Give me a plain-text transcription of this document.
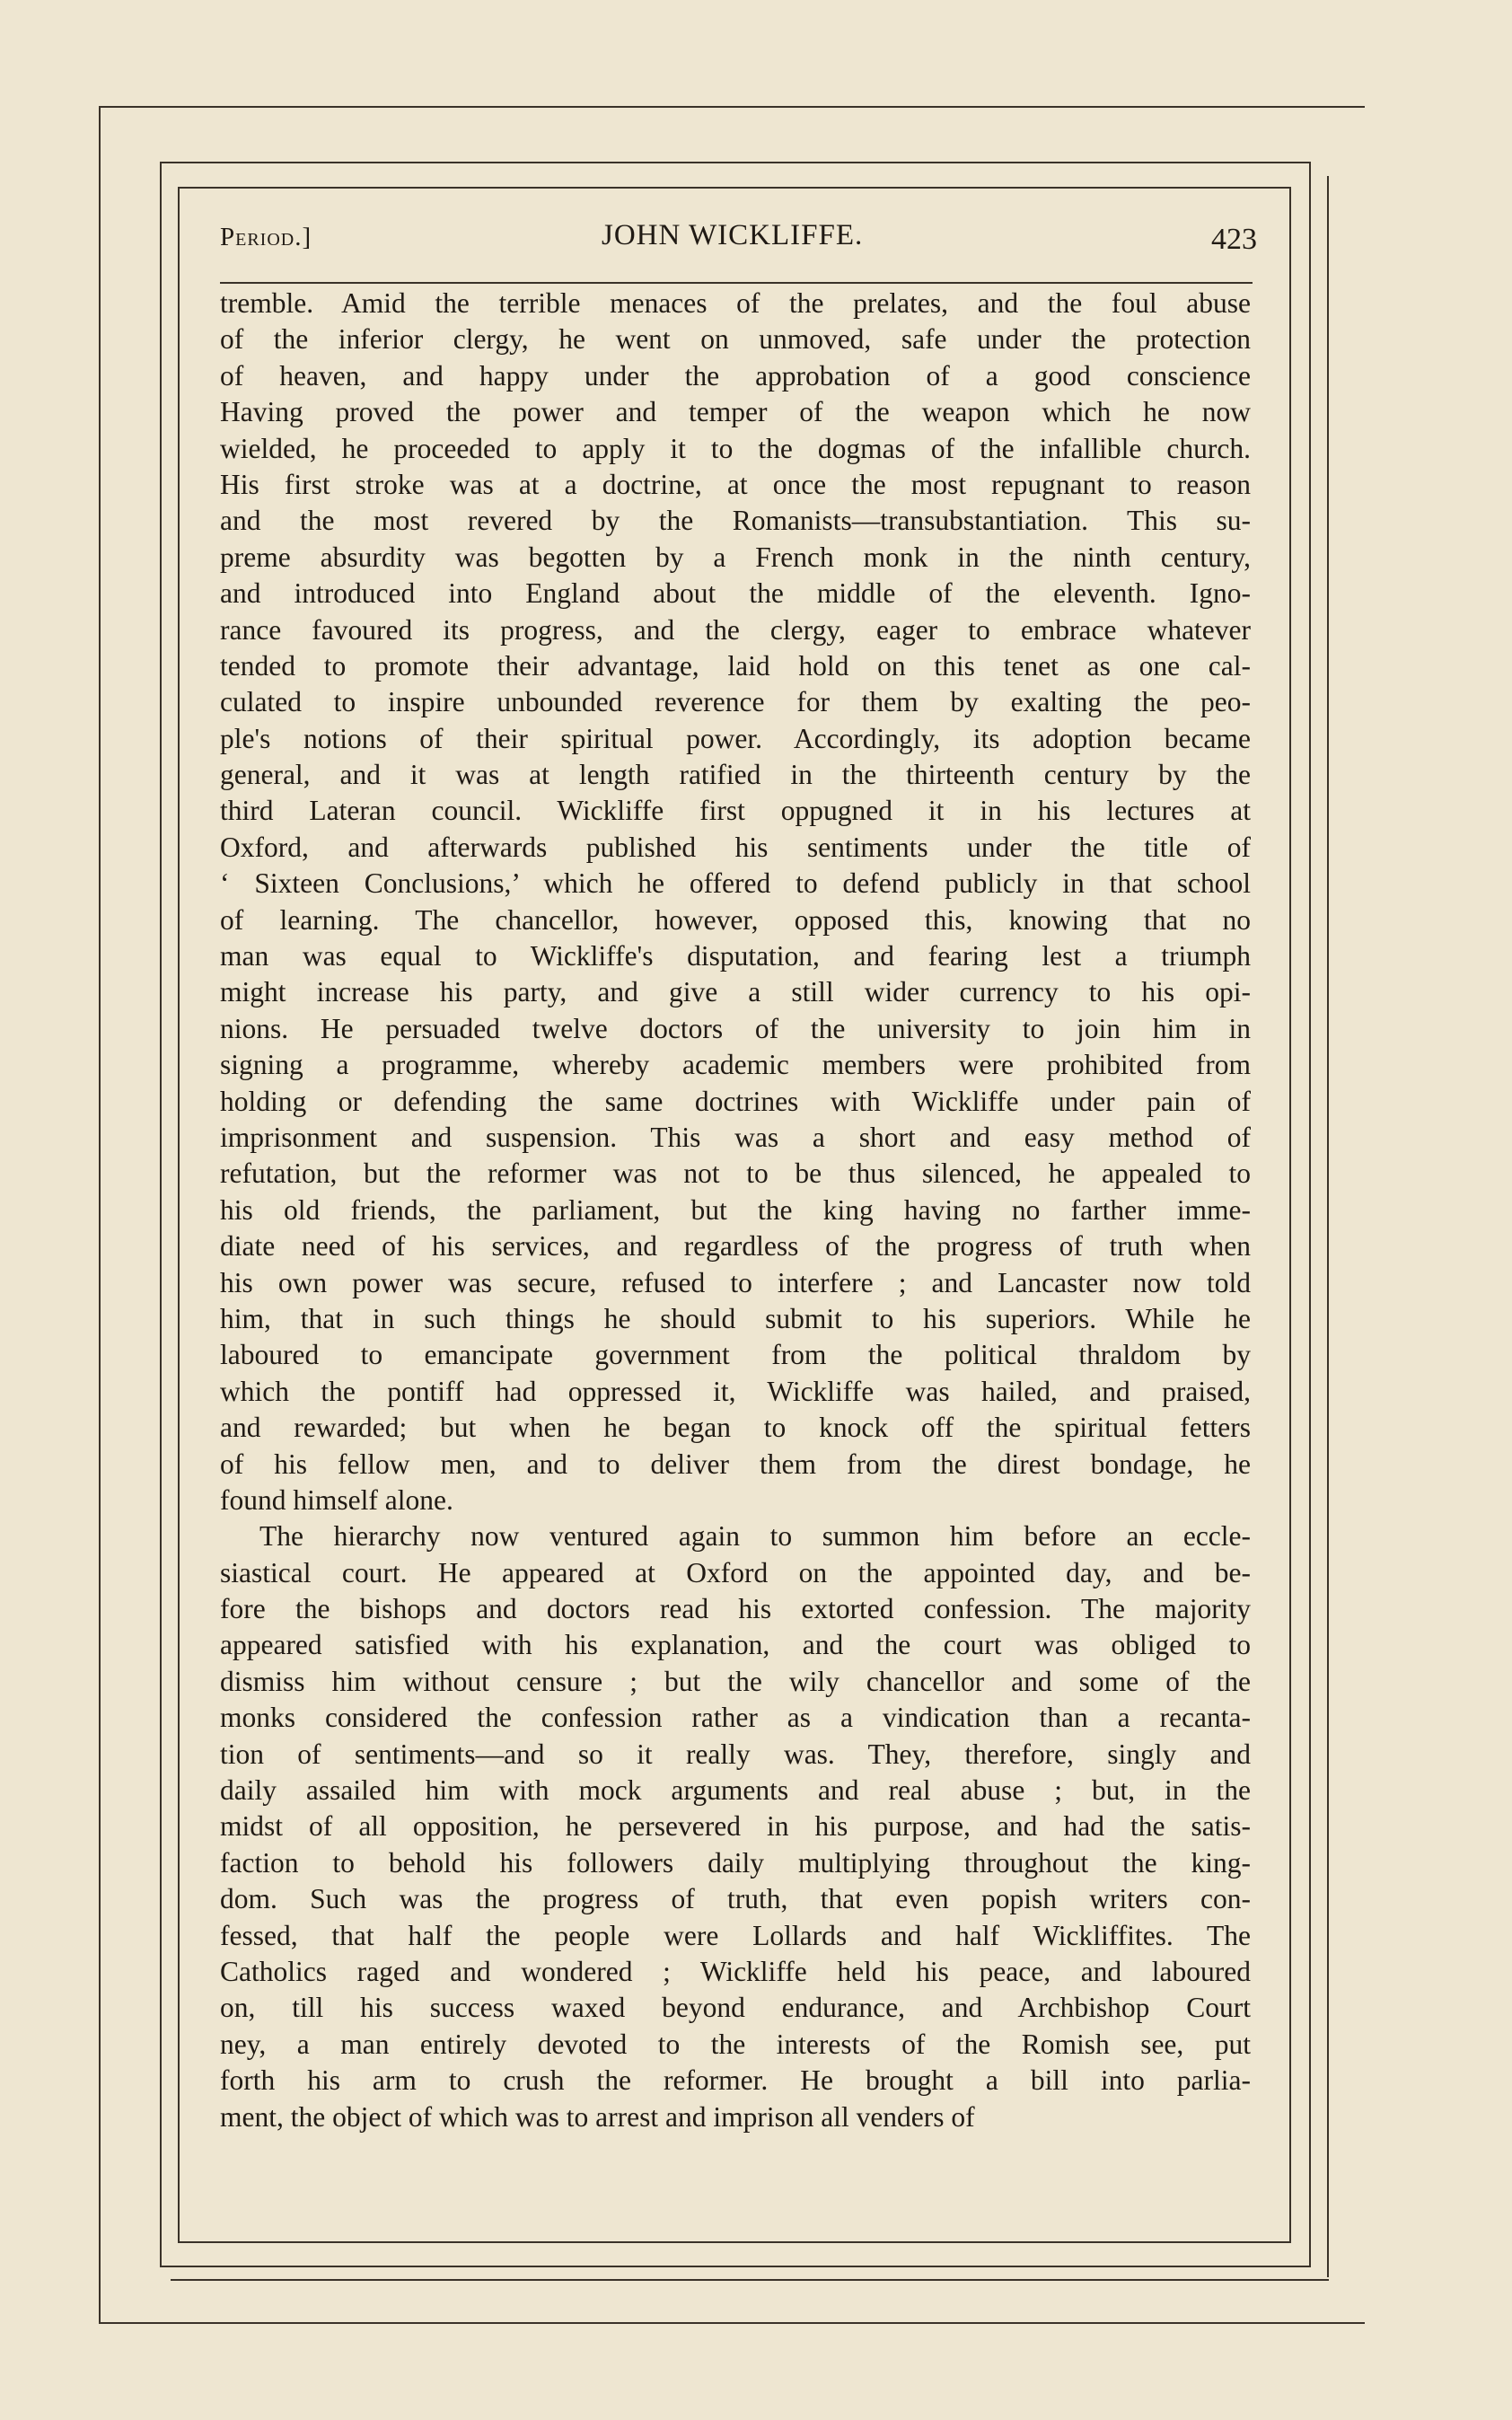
Period.]	JOHN WICKLIFFE.	423
tremble. Amid the terrible menaces of the prelates, and the foul abuse
of the inferior clergy, he went on unmoved, safe under the protection
of heaven, and happy under the approbation of a good conscience
Having proved the power and temper of the weapon which he now
wielded, he proceeded to apply it to the dogmas of the infallible church.
His first stroke was at a doctrine, at once the most repugnant to reason
and the most revered by the Romanists—transubstantiation. This su-
preme absurdity was begotten by a French monk in the ninth century,
and introduced into England about the middle of the eleventh. Igno-
rance favoured its progress, and the clergy, eager to embrace whatever
tended to promote their advantage, laid hold on this tenet as one cal-
culated to inspire unbounded reverence for them by exalting the peo-
ple's notions of their spiritual power. Accordingly, its adoption became
general, and it was at length ratified in the thirteenth century by the
third Lateran council. Wickliffe first oppugned it in his lectures at
Oxford, and afterwards published his sentiments under the title of
‘ Sixteen Conclusions,’ which he offered to defend publicly in that school
of learning. The chancellor, however, opposed this, knowing that no
man was equal to Wickliffe's disputation, and fearing lest a triumph
might increase his party, and give a still wider currency to his opi-
nions. He persuaded twelve doctors of the university to join him in
signing a programme, whereby academic members were prohibited from
holding or defending the same doctrines with Wickliffe under pain of
imprisonment and suspension. This was a short and easy method of
refutation, but the reformer was not to be thus silenced, he appealed to
his old friends, the parliament, but the king having no farther imme-
diate need of his services, and regardless of the progress of truth when
his own power was secure, refused to interfere ; and Lancaster now told
him, that in such things he should submit to his superiors. While he
laboured to emancipate government from the political thraldom by
which the pontiff had oppressed it, Wickliffe was hailed, and praised,
and rewarded; but when he began to knock off the spiritual fetters
of his fellow men, and to deliver them from the direst bondage, he
found himself alone.
The hierarchy now ventured again to summon him before an eccle-
siastical court. He appeared at Oxford on the appointed day, and be-
fore the bishops and doctors read his extorted confession. The majority
appeared satisfied with his explanation, and the court was obliged to
dismiss him without censure ; but the wily chancellor and some of the
monks considered the confession rather as a vindication than a recanta-
tion of sentiments—and so it really was. They, therefore, singly and
daily assailed him with mock arguments and real abuse ; but, in the
midst of all opposition, he persevered in his purpose, and had the satis-
faction to behold his followers daily multiplying throughout the king-
dom. Such was the progress of truth, that even popish writers con-
fessed, that half the people were Lollards and half Wickliffites. The
Catholics raged and wondered ; Wickliffe held his peace, and laboured
on, till his success waxed beyond endurance, and Archbishop Court
ney, a man entirely devoted to the interests of the Romish see, put
forth his arm to crush the reformer. He brought a bill into parlia-
ment, the object of which was to arrest and imprison all venders of
